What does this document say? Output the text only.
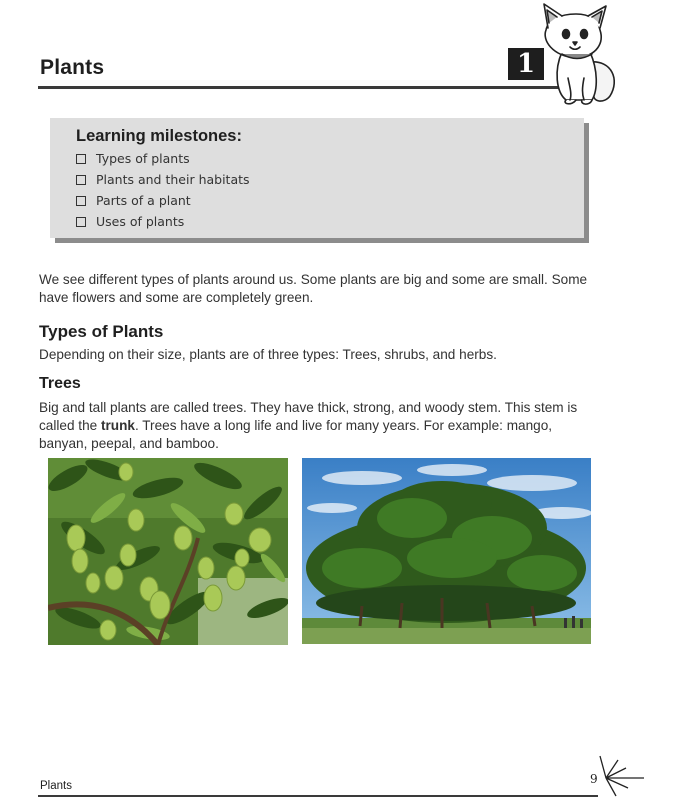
Plants	1
Learning milestones:
Types of plants
Plants and their habitats
Parts of a plant
Uses of plants
We see different types of plants around us. Some plants are big and some are small. Some have flowers and some are completely green.
Types of Plants
Depending on their size, plants are of three types: Trees, shrubs, and herbs.
Trees
Big and tall plants are called trees. They have thick, strong, and woody stem. This stem is called the trunk. Trees have a long life and live for many years. For example: mango, banyan, peepal, and bamboo.
Plants	9
